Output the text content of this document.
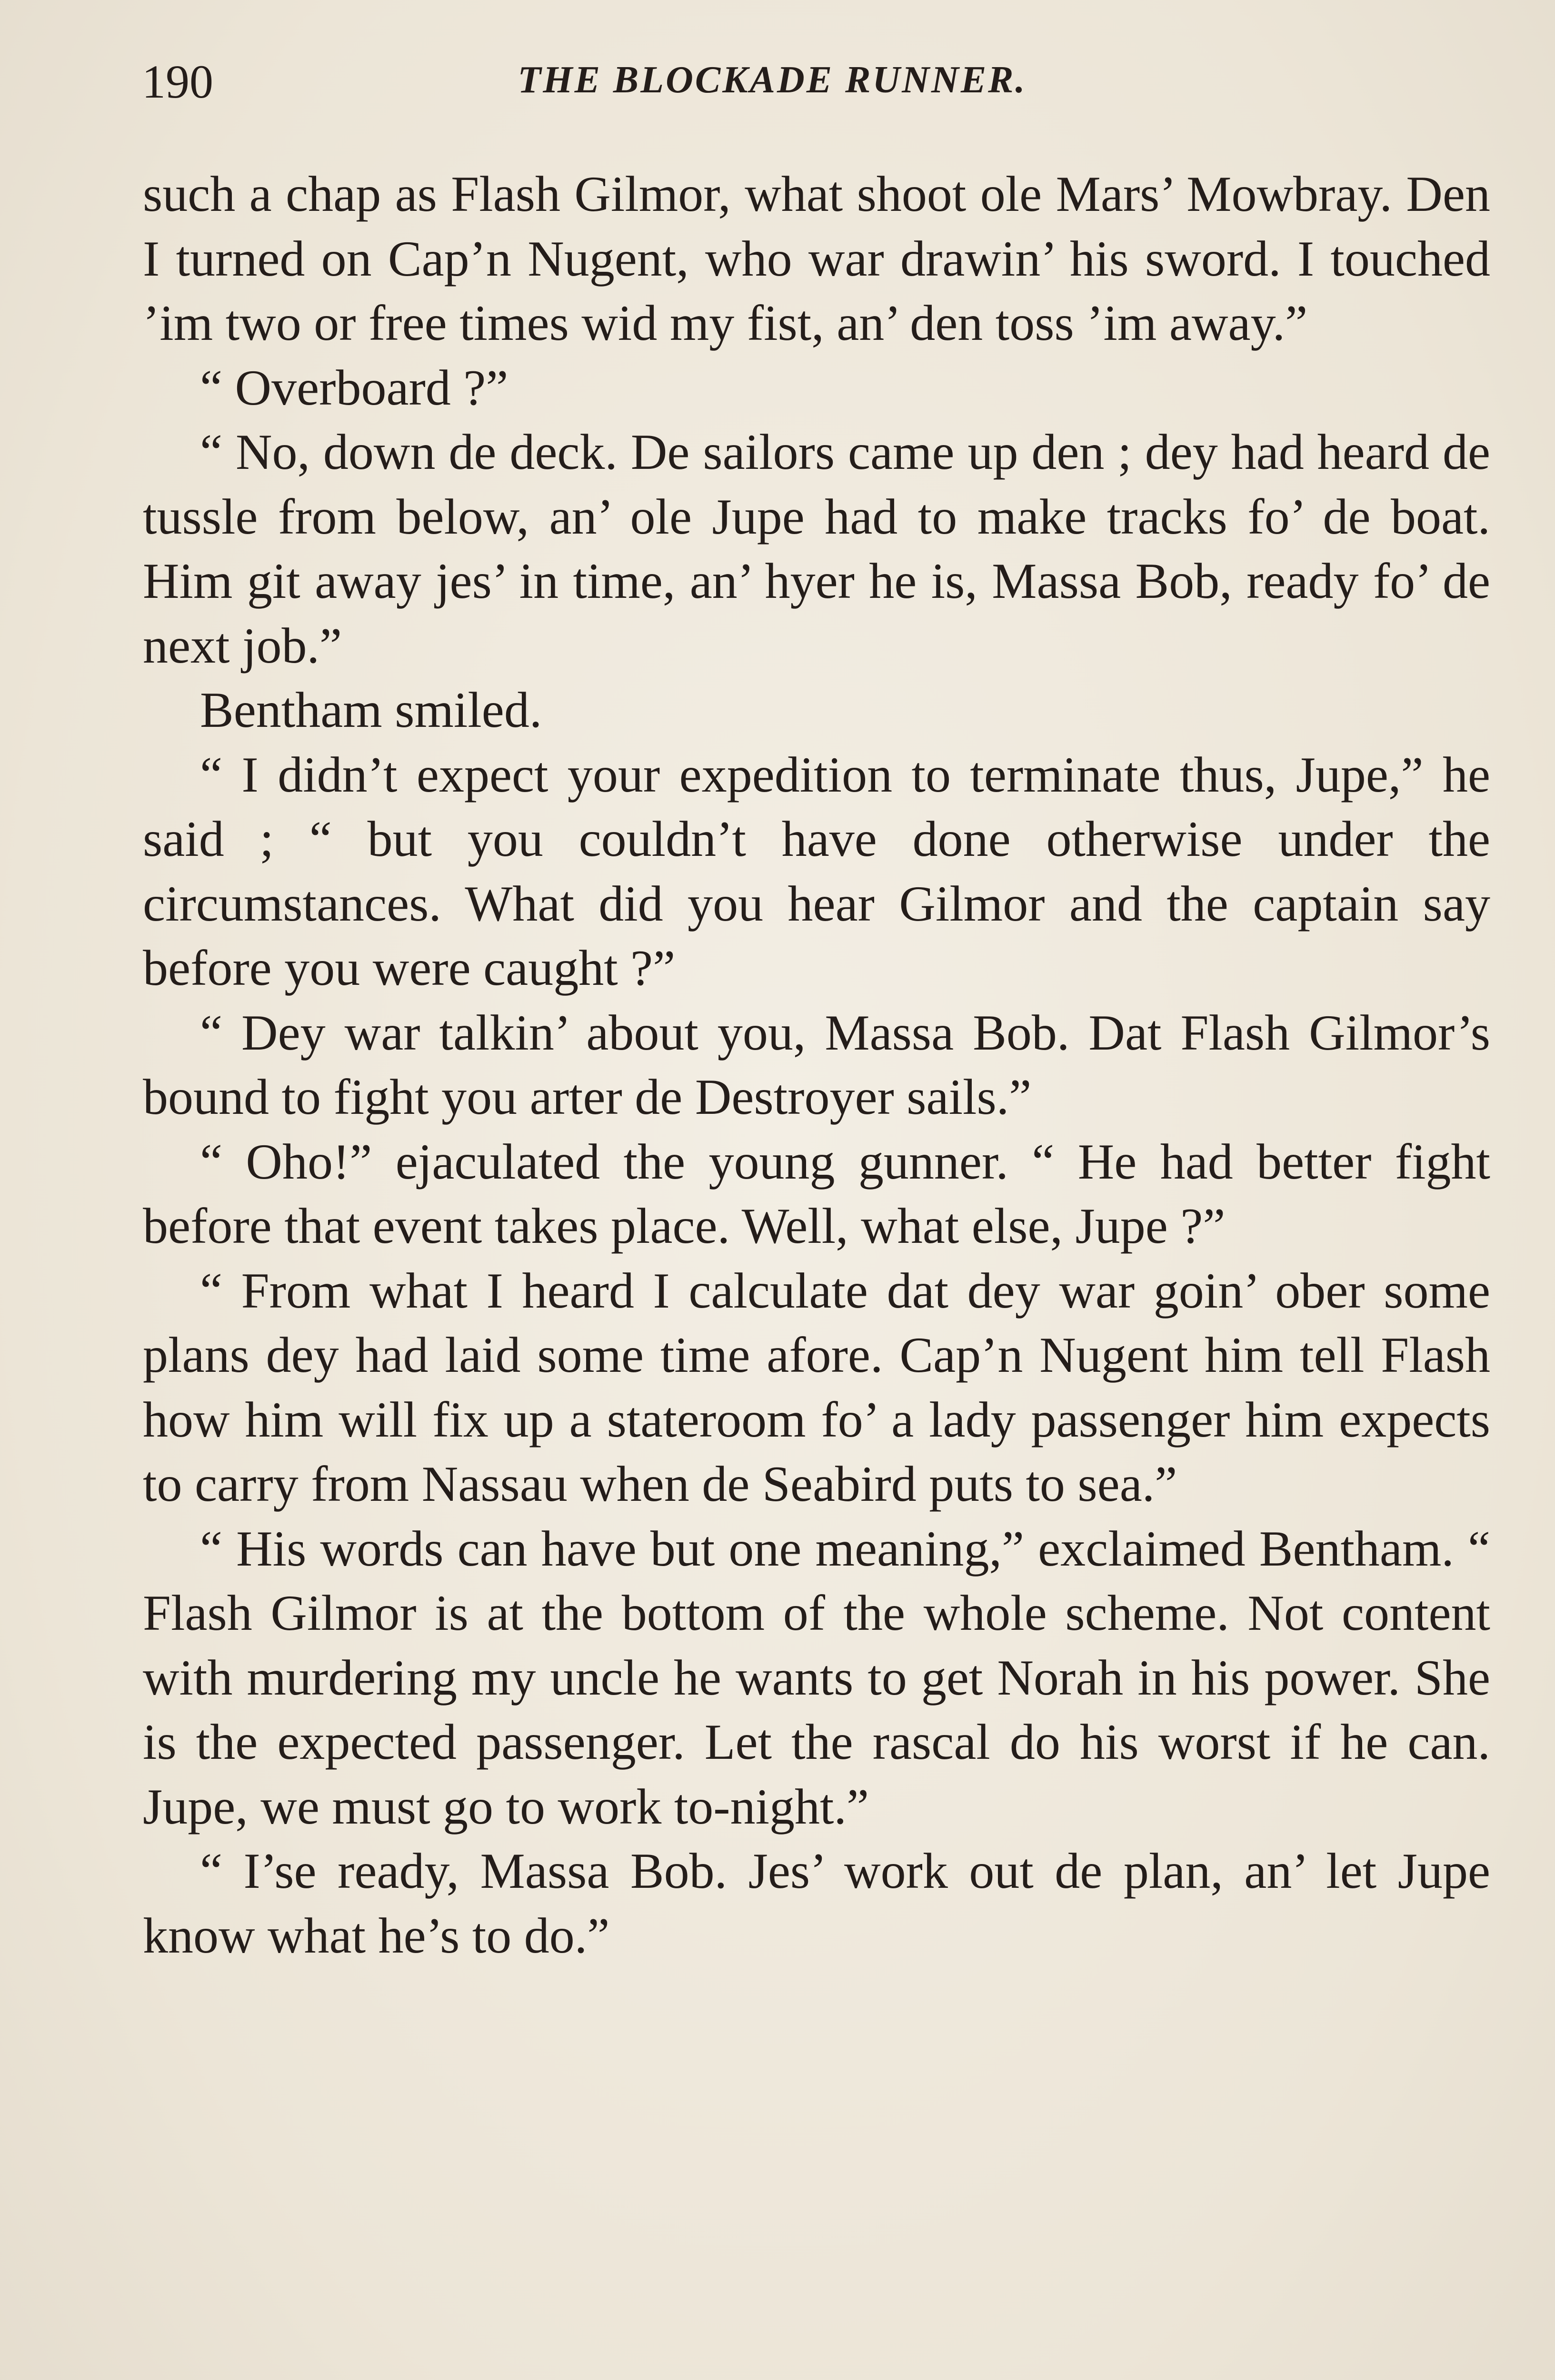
190	THE BLOCKADE RUNNER.

such a chap as Flash Gilmor, what shoot ole Mars’ Mowbray. Den I turned on Cap’n Nugent, who war drawin’ his sword. I touched ’im two or free times wid my fist, an’ den toss ’im away.”

“ Overboard ?”

“ No, down de deck. De sailors came up den ; dey had heard de tussle from below, an’ ole Jupe had to make tracks fo’ de boat. Him git away jes’ in time, an’ hyer he is, Massa Bob, ready fo’ de next job.”

Bentham smiled.

“ I didn’t expect your expedition to terminate thus, Jupe,” he said ; “ but you couldn’t have done otherwise under the circumstances. What did you hear Gilmor and the captain say before you were caught ?”

“ Dey war talkin’ about you, Massa Bob. Dat Flash Gilmor’s bound to fight you arter de Destroyer sails.”

“ Oho!” ejaculated the young gunner. “ He had better fight before that event takes place. Well, what else, Jupe ?”

“ From what I heard I calculate dat dey war goin’ ober some plans dey had laid some time afore. Cap’n Nugent him tell Flash how him will fix up a stateroom fo’ a lady passenger him expects to carry from Nassau when de Seabird puts to sea.”

“ His words can have but one meaning,” exclaimed Bentham. “ Flash Gilmor is at the bottom of the whole scheme. Not content with murdering my uncle he wants to get Norah in his power. She is the expected passenger. Let the rascal do his worst if he can. Jupe, we must go to work to-night.”

“ I’se ready, Massa Bob. Jes’ work out de plan, an’ let Jupe know what he’s to do.”
